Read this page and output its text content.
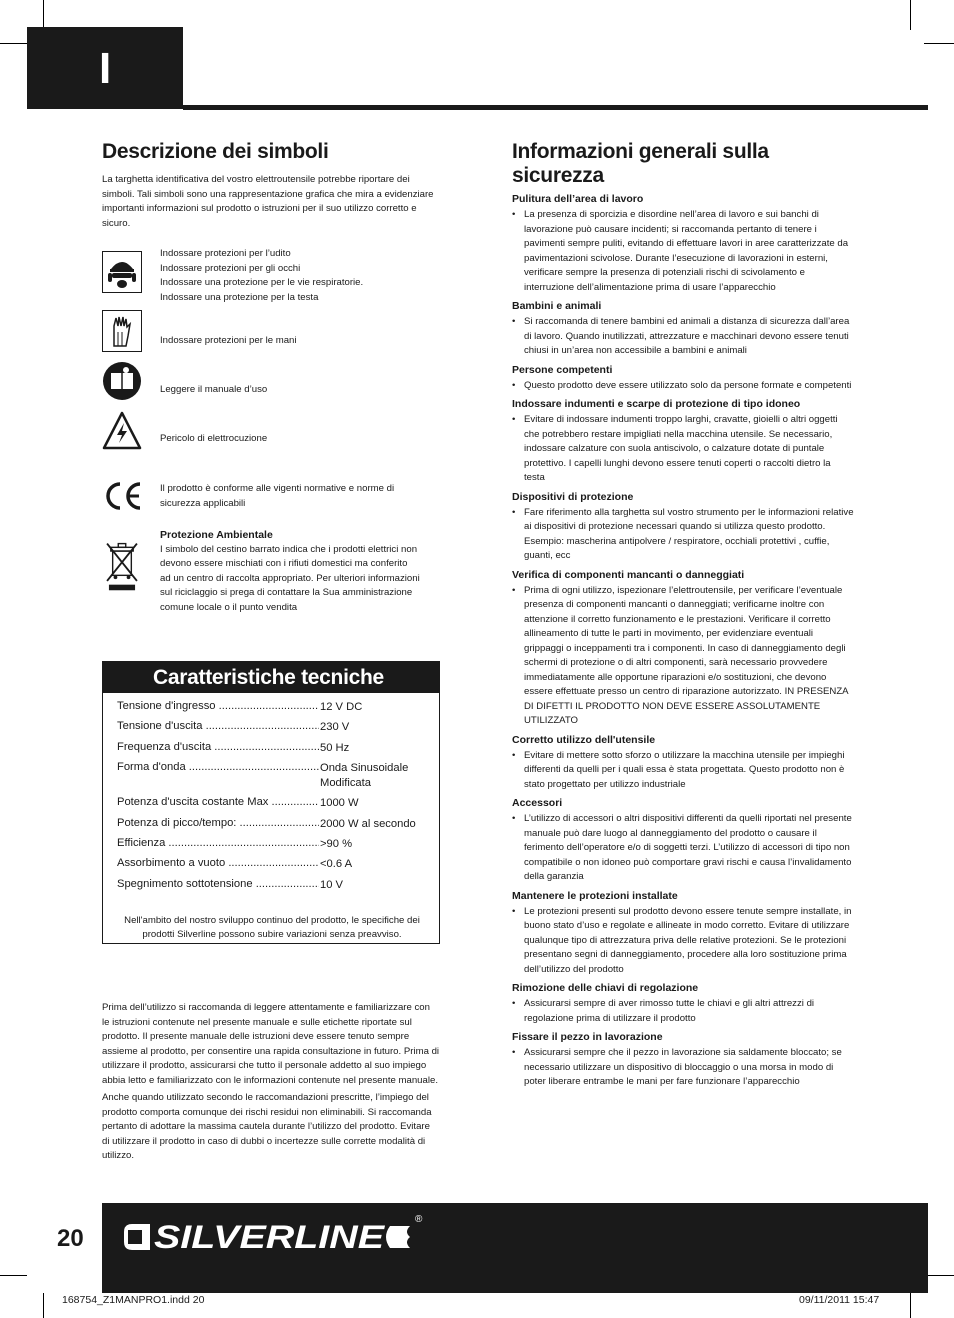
I
Descrizione dei simboli

La targhetta identificativa del vostro elettroutensile potrebbe riportare dei simboli. Tali simboli sono una rappresentazione grafica che mira a evidenziare importanti informazioni sul prodotto o istruzioni per il suo utilizzo corretto e sicuro.

Indossare protezioni per l’udito
Indossare protezioni per gli occhi
Indossare una protezione per le vie respiratorie.
Indossare una protezione per la testa
Indossare protezioni per le mani
Leggere il manuale d’uso
Pericolo di elettrocuzione
Il prodotto è conforme alle vigenti normative e norme di
sicurezza applicabili
Protezione Ambientale
I simbolo del cestino barrato indica che i prodotti elettrici non
devono essere mischiati con i rifiuti domestici ma conferito
ad un centro di raccolta appropriato. Per ulteriori informazioni
sul riciclaggio si prega di contattare la Sua amministrazione
comune locale o il punto vendita
Caratteristiche tecniche
Tensione d'ingresso .....	12 V DC
Tensione d'uscita .....	230 V
Frequenza d'uscita .....	50 Hz
Forma d'onda .....	Onda Sinusoidale
Modificata
Potenza d'uscita costante Max .....	1000 W
Potenza di picco/tempo: .....	2000 W al secondo
Efficienza .....	>90 %
Assorbimento a vuoto .....	<0.6 A
Spegnimento sottotensione .....	10 V
Nell'ambito del nostro sviluppo continuo del prodotto, le specifiche dei prodotti Silverline possono subire variazioni senza preavviso.

Prima dell’utilizzo si raccomanda di leggere attentamente e familiarizzare con le istruzioni contenute nel presente manuale e sulle etichette riportate sul prodotto. Il presente manuale delle istruzioni deve essere tenuto sempre assieme al prodotto, per consentire una rapida consultazione in futuro. Prima di utilizzare il prodotto, assicurarsi che tutto il personale addetto al suo impiego abbia letto e familiarizzato con le informazioni contenute nel presente manuale.

Anche quando utilizzato secondo le raccomandazioni prescritte, l’impiego del prodotto comporta comunque dei rischi residui non eliminabili. Si raccomanda pertanto di adottare la massima cautela durante l’utilizzo del prodotto. Evitare di utilizzare il prodotto in caso di dubbi o incertezze sulle corrette modalità di utilizzo.

Informazioni generali sulla sicurezza
Pulitura dell’area di lavoro
• La presenza di sporcizia e disordine nell’area di lavoro e sui banchi di lavorazione può causare incidenti; si raccomanda pertanto di tenere i pavimenti sempre puliti, evitando di effettuare lavori in aree caratterizzate da pavimentazioni scivolose. Durante l’esecuzione di lavorazioni in esterni, verificare sempre la presenza di potenziali rischi di scivolamento e interruzione dell’alimentazione prima di usare l’apparecchio
Bambini e animali
• Si raccomanda di tenere bambini ed animali a distanza di sicurezza dall’area di lavoro. Quando inutilizzati, attrezzature e macchinari devono essere tenuti chiusi in un’area non accessibile a bambini e animali
Persone competenti
• Questo prodotto deve essere utilizzato solo da persone formate e competenti
Indossare indumenti e scarpe di protezione di tipo idoneo
• Evitare di indossare indumenti troppo larghi, cravatte, gioielli o altri oggetti che potrebbero restare impigliati nella macchina utensile. Se necessario, indossare calzature con suola antiscivolo, o calzature dotate di puntale protettivo. I capelli lunghi devono essere tenuti coperti o raccolti dietro la testa
Dispositivi di protezione
• Fare riferimento alla targhetta sul vostro strumento per le informazioni relative ai dispositivi di protezione necessari quando si utilizza questo prodotto. Esempio: mascherina antipolvere / respiratore, occhiali protettivi , cuffie, guanti, ecc
Verifica di componenti mancanti o danneggiati
• Prima di ogni utilizzo, ispezionare l’elettroutensile, per verificare l’eventuale presenza di componenti mancanti o danneggiati; verificarne inoltre con attenzione il corretto funzionamento e le prestazioni. Verificare il corretto allineamento di tutte le parti in movimento, per evidenziare eventuali grippaggi o inceppamenti tra i componenti. In caso di danneggiamento degli schermi di protezione o di altri componenti, sarà necessario provvedere immediatamente alle opportune riparazioni e/o sostituzioni, che devono essere effettuate presso un centro di riparazione autorizzato. IN PRESENZA DI DIFETTI IL PRODOTTO NON DEVE ESSERE ASSOLUTAMENTE UTILIZZATO
Corretto utilizzo dell'utensile
• Evitare di mettere sotto sforzo o utilizzare la macchina utensile per impieghi differenti da quelli per i quali essa è stata progettata. Questo prodotto non è stato progettato per utilizzo industriale
Accessori
• L’utilizzo di accessori o altri dispositivi differenti da quelli riportati nel presente manuale può dare luogo al danneggiamento del prodotto o causare il ferimento dell’operatore e/o di soggetti terzi. L’utilizzo di accessori di tipo non compatibile o non idoneo può comportare gravi rischi e causa l’invalidamento della garanzia
Mantenere le protezioni installate
• Le protezioni presenti sul prodotto devono essere tenute sempre installate, in buono stato d’uso e regolate e allineate in modo corretto. Evitare di utilizzare qualunque tipo di attrezzatura priva delle relative protezioni. Se le protezioni presentano segni di danneggiamento, procedere alla loro sostituzione prima dell’utilizzo del prodotto
Rimozione delle chiavi di regolazione
• Assicurarsi sempre di aver rimosso tutte le chiavi e gli altri attrezzi di regolazione prima di utilizzare il prodotto
Fissare il pezzo in lavorazione
• Assicurarsi sempre che il pezzo in lavorazione sia saldamente bloccato; se necessario utilizzare un dispositivo di bloccaggio o una morsa in modo di poter liberare entrambe le mani per fare funzionare l’apparecchio
20 SILVERLINE	®
168754_Z1MANPRO1.indd 20	09/11/2011 15:47
